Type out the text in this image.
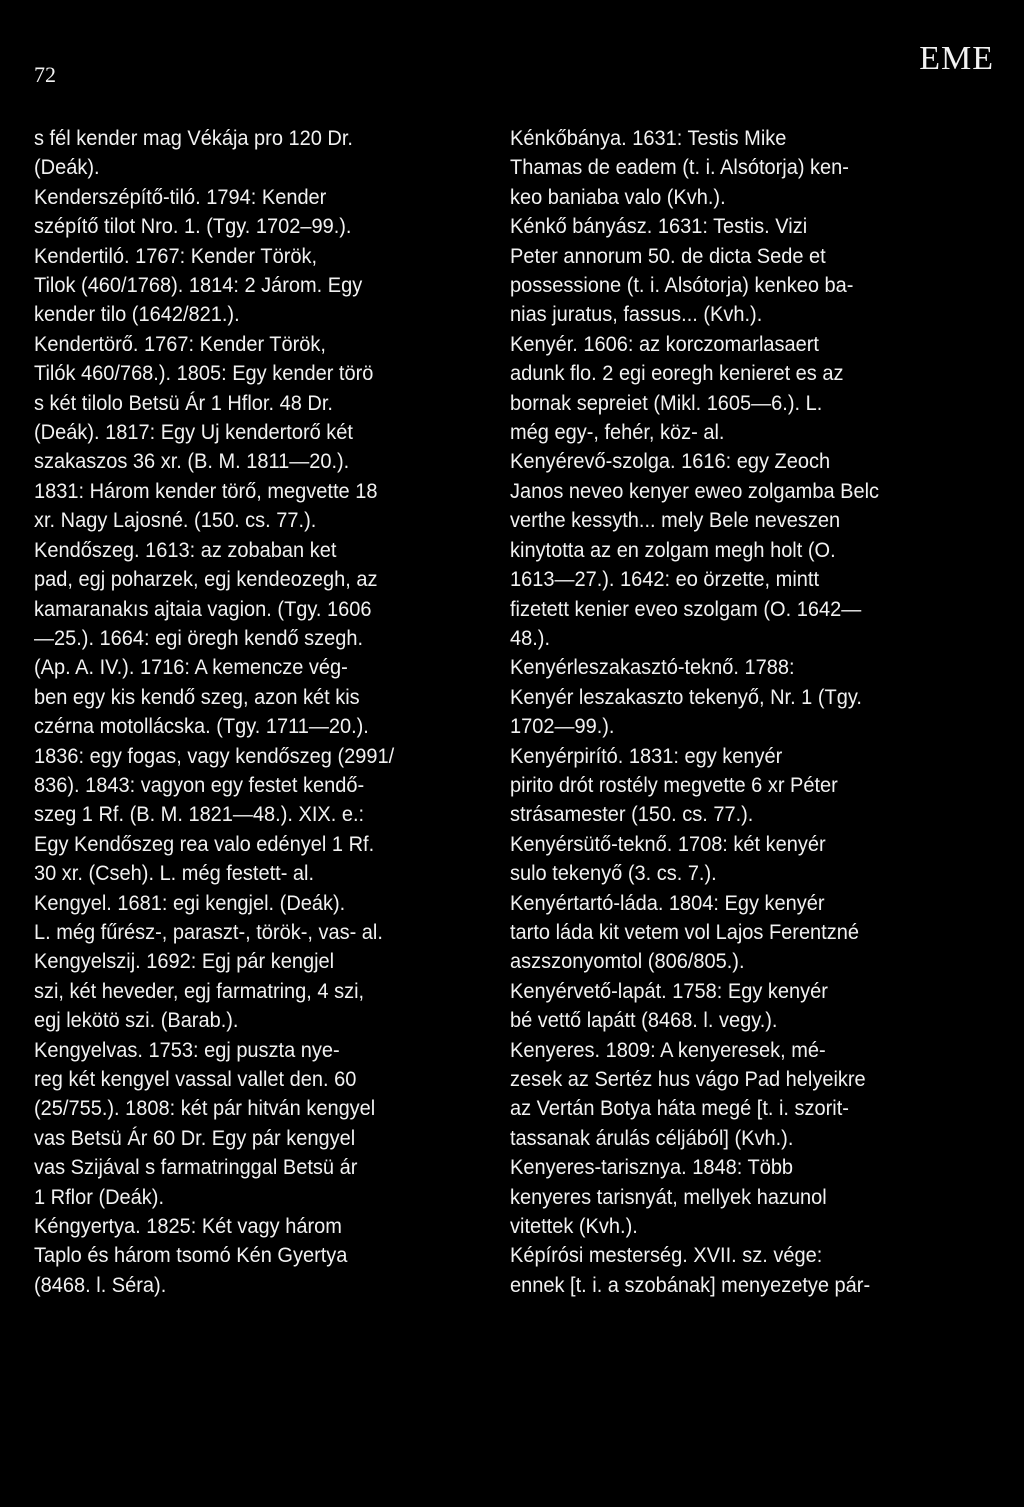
72	EME
s fél kender mag Vékája pro 120 Dr.
(Deák).
Kenderszépítő-tiló. 1794: Kender
szépítő tilot Nro. 1. (Tgy. 1702–99.).
Kendertiló. 1767: Kender Török,
Tilok (460/1768). 1814: 2 Járom. Egy
kender tilo (1642/821.).
Kendertörő. 1767: Kender Török,
Tilók 460/768.). 1805: Egy kender törö
s két tilolo Betsü Ár 1 Hflor. 48 Dr.
(Deák). 1817: Egy Uj kendertorő két
szakaszos 36 xr. (B. M. 1811—20.).
1831: Három kender törő, megvette 18
xr. Nagy Lajosné. (150. cs. 77.).
Kendőszeg. 1613: az zobaban ket
pad, egj poharzek, egj kendeozegh, az
kamaranakıs ajtaia vagion. (Tgy. 1606
—25.). 1664: egi öregh kendő szegh.
(Ap. A. IV.). 1716: A kemencze vég-
ben egy kis kendő szeg, azon két kis
czérna motollácska. (Tgy. 1711—20.).
1836: egy fogas, vagy kendőszeg (2991/
836). 1843: vagyon egy festet kendő-
szeg 1 Rf. (B. M. 1821—48.). XIX. e.:
Egy Kendőszeg rea valo edényel 1 Rf.
30 xr. (Cseh). L. még festett- al.
Kengyel. 1681: egi kengjel. (Deák).
L. még fűrész-, paraszt-, török-, vas- al.
Kengyelszij. 1692: Egj pár kengjel
szi, két heveder, egj farmatring, 4 szi,
egj lekötö szi. (Barab.).
Kengyelvas. 1753: egj puszta nye-
reg két kengyel vassal vallet den. 60
(25/755.). 1808: két pár hitván kengyel
vas Betsü Ár 60 Dr. Egy pár kengyel
vas Szijával s farmatringgal Betsü ár
1 Rflor (Deák).
Kéngyertya. 1825: Két vagy három
Taplo és három tsomó Kén Gyertya
(8468. l. Séra).
Kénkőbánya. 1631: Testis Mike
Thamas de eadem (t. i. Alsótorja) ken-
keo baniaba valo (Kvh.).
Kénkő bányász. 1631: Testis. Vizi
Peter annorum 50. de dicta Sede et
possessione (t. i. Alsótorja) kenkeo ba-
nias juratus, fassus... (Kvh.).
Kenyér. 1606: az korczomarlasaert
adunk flo. 2 egi eoregh kenieret es az
bornak sepreiet (Mikl. 1605—6.). L.
még egy-, fehér, köz- al.
Kenyérevő-szolga. 1616: egy Zeoch
Janos neveo kenyer eweo zolgamba Belc
verthe kessyth... mely Bele neveszen
kinytotta az en zolgam megh holt (O.
1613—27.). 1642: eo örzette, mintt
fizetett kenier eveo szolgam (O. 1642—
48.).
Kenyérleszakasztó-teknő. 1788:
Kenyér leszakaszto tekenyő, Nr. 1 (Tgy.
1702—99.).
Kenyérpirító. 1831: egy kenyér
pirito drót rostély megvette 6 xr Péter
strásamester (150. cs. 77.).
Kenyérsütő-teknő. 1708: két kenyér
sulo tekenyő (3. cs. 7.).
Kenyértartó-láda. 1804: Egy kenyér
tarto láda kit vetem vol Lajos Ferentzné
aszszonyomtol (806/805.).
Kenyérvető-lapát. 1758: Egy kenyér
bé vettő lapátt (8468. l. vegy.).
Kenyeres. 1809: A kenyeresek, mé-
zesek az Sertéz hus vágo Pad helyeikre
az Vertán Botya háta megé [t. i. szorit-
tassanak árulás céljából] (Kvh.).
Kenyeres-tarisznya. 1848: Több
kenyeres tarisnyát, mellyek hazunol
vitettek (Kvh.).
Képírósi mesterség. XVII. sz. vége:
ennek [t. i. a szobának] menyezetye pár-
